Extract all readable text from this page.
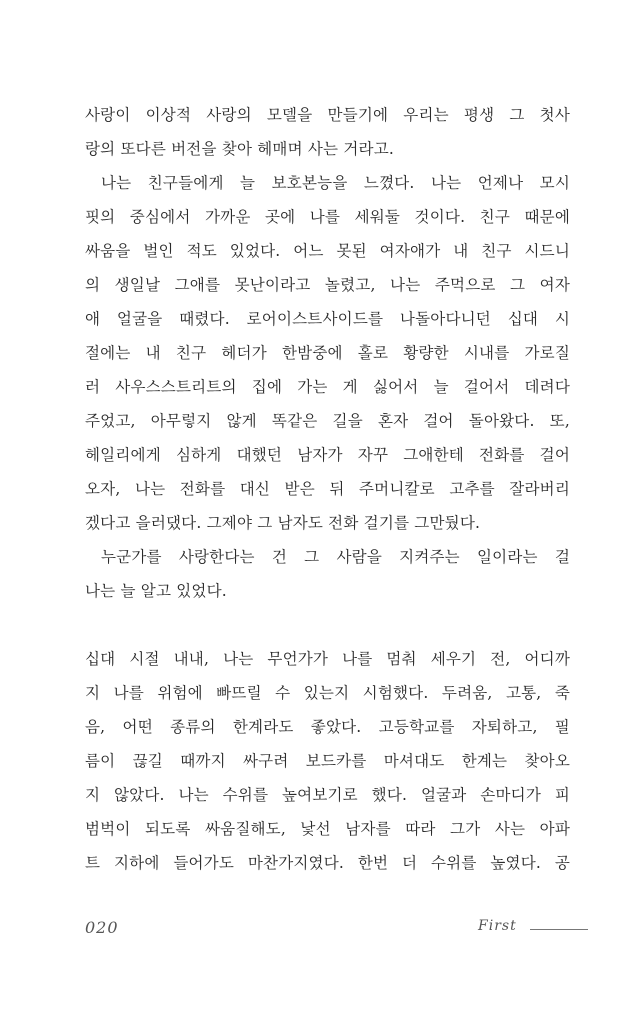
사랑이 이상적 사랑의 모델을 만들기에 우리는 평생 그 첫사
랑의 또다른 버전을 찾아 헤매며 사는 거라고.
나는 친구들에게 늘 보호본능을 느꼈다. 나는 언제나 모시
핏의 중심에서 가까운 곳에 나를 세워둘 것이다. 친구 때문에
싸움을 벌인 적도 있었다. 어느 못된 여자애가 내 친구 시드니
의 생일날 그애를 못난이라고 놀렸고, 나는 주먹으로 그 여자
애 얼굴을 때렸다. 로어이스트사이드를 나돌아다니던 십대 시
절에는 내 친구 헤더가 한밤중에 홀로 황량한 시내를 가로질
러 사우스스트리트의 집에 가는 게 싫어서 늘 걸어서 데려다
주었고, 아무렇지 않게 똑같은 길을 혼자 걸어 돌아왔다. 또,
헤일리에게 심하게 대했던 남자가 자꾸 그애한테 전화를 걸어
오자, 나는 전화를 대신 받은 뒤 주머니칼로 고추를 잘라버리
겠다고 을러댔다. 그제야 그 남자도 전화 걸기를 그만뒀다.
누군가를 사랑한다는 건 그 사람을 지켜주는 일이라는 걸
나는 늘 알고 있었다.
십대 시절 내내, 나는 무언가가 나를 멈춰 세우기 전, 어디까
지 나를 위험에 빠뜨릴 수 있는지 시험했다. 두려움, 고통, 죽
음, 어떤 종류의 한계라도 좋았다. 고등학교를 자퇴하고, 필
름이 끊길 때까지 싸구려 보드카를 마셔대도 한계는 찾아오
지 않았다. 나는 수위를 높여보기로 했다. 얼굴과 손마디가 피
범벅이 되도록 싸움질해도, 낯선 남자를 따라 그가 사는 아파
트 지하에 들어가도 마찬가지였다. 한번 더 수위를 높였다. 공
020	First
